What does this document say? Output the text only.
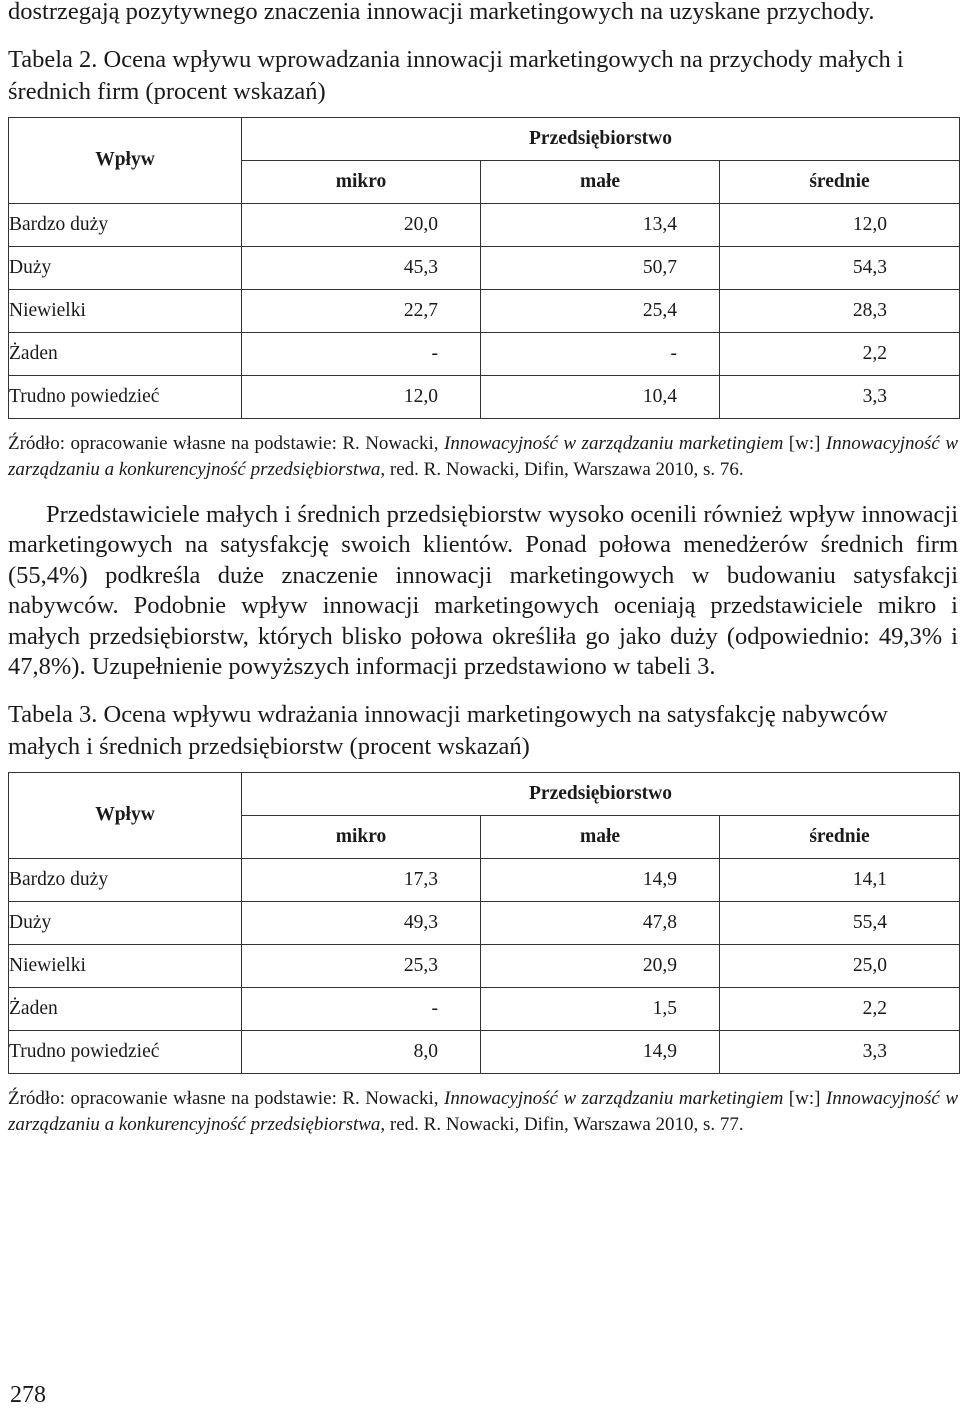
dostrzegają pozytywnego znaczenia innowacji marketingowych na uzyskane przychody.

Tabela 2. Ocena wpływu wprowadzania innowacji marketingowych na przychody małych i średnich firm (procent wskazań)

Wpływ	Przedsiębiorstwo		
	mikro	małe	średnie
Bardzo duży	20,0	13,4	12,0
Duży	45,3	50,7	54,3
Niewielki	22,7	25,4	28,3
Żaden	-	-	2,2
Trudno powiedzieć	12,0	10,4	3,3

Źródło: opracowanie własne na podstawie: R. Nowacki, Innowacyjność w zarządzaniu marketingiem [w:] Innowacyjność w zarządzaniu a konkurencyjność przedsiębiorstwa, red. R. Nowacki, Difin, Warszawa 2010, s. 76.

Przedstawiciele małych i średnich przedsiębiorstw wysoko ocenili również wpływ innowacji marketingowych na satysfakcję swoich klientów. Ponad połowa menedżerów średnich firm (55,4%) podkreśla duże znaczenie innowacji marketingowych w budowaniu satysfakcji nabywców. Podobnie wpływ innowacji marketingowych oceniają przedstawiciele mikro i małych przedsiębiorstw, których blisko połowa określiła go jako duży (odpowiednio: 49,3% i 47,8%). Uzupełnienie powyższych informacji przedstawiono w tabeli 3.

Tabela 3. Ocena wpływu wdrażania innowacji marketingowych na satysfakcję nabywców małych i średnich przedsiębiorstw (procent wskazań)

Wpływ	Przedsiębiorstwo		
	mikro	małe	średnie
Bardzo duży	17,3	14,9	14,1
Duży	49,3	47,8	55,4
Niewielki	25,3	20,9	25,0
Żaden	-	1,5	2,2
Trudno powiedzieć	8,0	14,9	3,3

Źródło: opracowanie własne na podstawie: R. Nowacki, Innowacyjność w zarządzaniu marketingiem [w:] Innowacyjność w zarządzaniu a konkurencyjność przedsiębiorstwa, red. R. Nowacki, Difin, Warszawa 2010, s. 77.

278
